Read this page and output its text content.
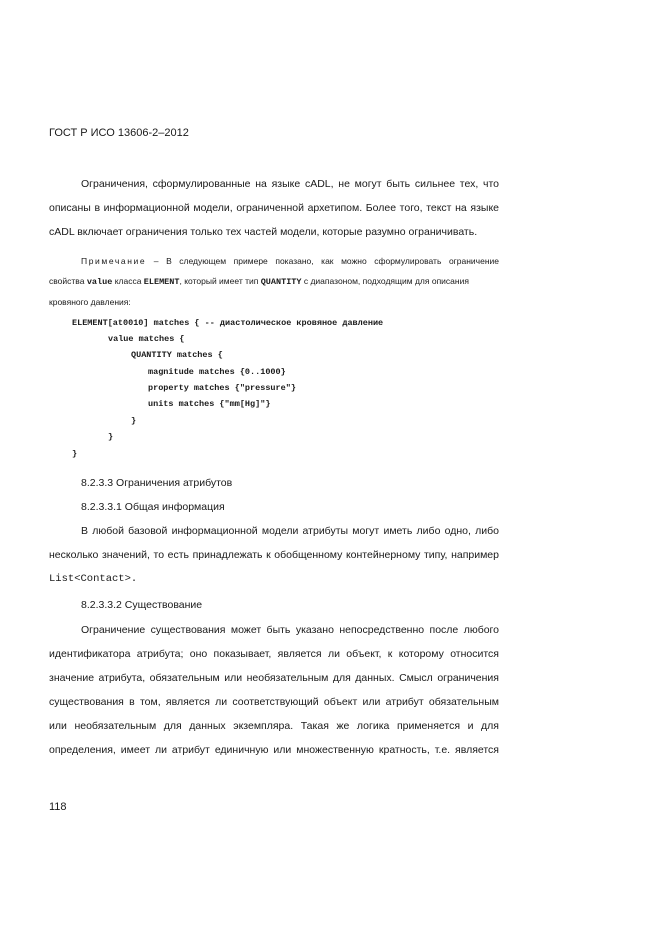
ГОСТ Р ИСО 13606-2–2012
Ограничения, сформулированные на языке cADL, не могут быть сильнее тех, что
описаны в информационной модели, ограниченной архетипом. Более того, текст на языке
cADL включает ограничения только тех частей модели, которые разумно ограничивать.
Примечание – В следующем примере показано, как можно сформулировать ограничение
свойства value класса ELEMENT, который имеет тип QUANTITY с диапазоном, подходящим для описания
кровяного давления:
ELEMENT[at0010] matches { -- диастолическое кровяное давление
value matches {
QUANTITY matches {
magnitude matches {0..1000}
property matches {"pressure"}
units matches {"mm[Hg]"}
}
}
}
8.2.3.3 Ограничения атрибутов
8.2.3.3.1 Общая информация
В любой базовой информационной модели атрибуты могут иметь либо одно, либо
несколько значений, то есть принадлежать к обобщенному контейнерному типу, например
List<Contact>.
8.2.3.3.2 Существование
Ограничение существования может быть указано непосредственно после любого
идентификатора атрибута; оно показывает, является ли объект, к которому относится
значение атрибута, обязательным или необязательным для данных. Смысл ограничения
существования в том, является ли соответствующий объект или атрибут обязательным
или необязательным для данных экземпляра. Такая же логика применяется и для
определения, имеет ли атрибут единичную или множественную кратность, т.е. является
118
